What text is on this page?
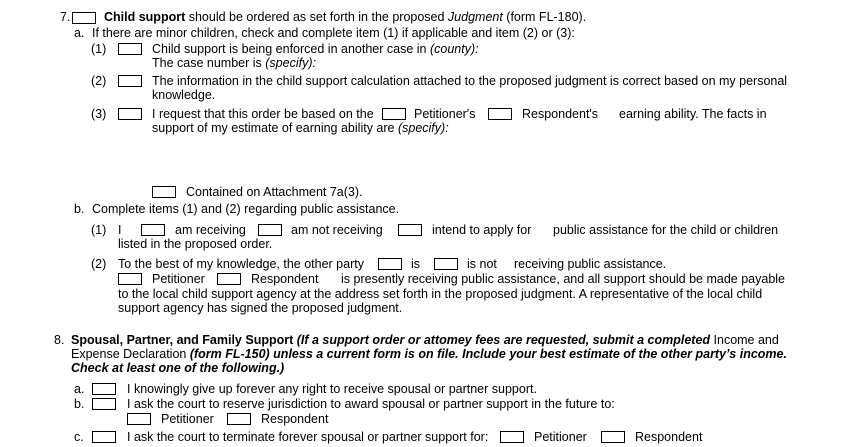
7.	Child support should be ordered as set forth in the proposed Judgment (form FL-180).
a. If there are minor children, check and complete item (1) if applicable and item (2) or (3):
(1)	Child support is being enforced in another case in (county):
The case number is (specify):
(2)	The information in the child support calculation attached to the proposed judgment is correct based on my personal
knowledge.
(3)	I request that this order be based on the	Petitioner's	Respondent's earning ability. The facts in
support of my estimate of earning ability are (specify):
Contained on Attachment 7a(3).
b. Complete items (1) and (2) regarding public assistance.
(1) I	am receiving	am not receiving	intend to apply for public assistance for the child or children
listed in the proposed order.
(2) To the best of my knowledge, the other party	is	is not receiving public assistance.
Petitioner	Respondent is presently receiving public assistance, and all support should be made payable
to the local child support agency at the address set forth in the proposed judgment. A representative of the local child
support agency has signed the proposed judgment.
8. Spousal, Partner, and Family Support (If a support order or attomey fees are requested, submit a completed Income and
Expense Declaration (form FL-150) unless a current form is on file. Include your best estimate of the other party’s income.
Check at least one of the following.)
a.	I knowingly give up forever any right to receive spousal or partner support.
b.	I ask the court to reserve jurisdiction to award spousal or partner support in the future to:
Petitioner	Respondent
c.	I ask the court to terminate forever spousal or partner support for:	Petitioner	Respondent
